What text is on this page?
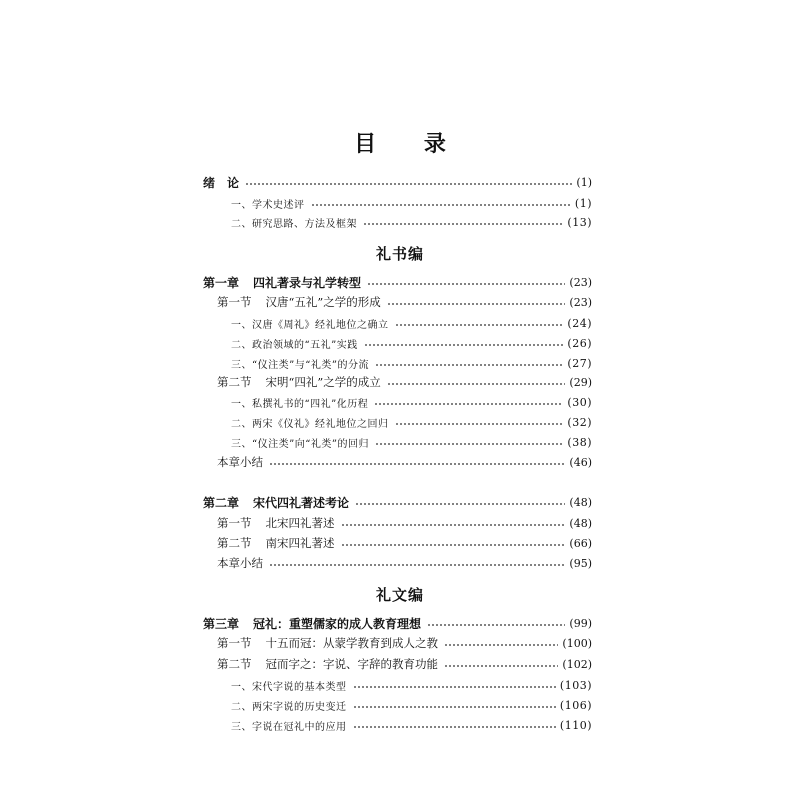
目 录
绪　论	(1)
一、学术史述评	(1)
二、研究思路、方法及框架	(13)
礼书编
第一章 四礼著录与礼学转型	(23)
第一节 汉唐“五礼”之学的形成	(23)
一、汉唐《周礼》经礼地位之确立	(24)
二、政治领域的“五礼”实践	(26)
三、“仪注类”与“礼类”的分流	(27)
第二节 宋明“四礼”之学的成立	(29)
一、私撰礼书的“四礼”化历程	(30)
二、两宋《仪礼》经礼地位之回归	(32)
三、“仪注类”向“礼类”的回归	(38)
本章小结	(46)
第二章 宋代四礼著述考论	(48)
第一节 北宋四礼著述	(48)
第二节 南宋四礼著述	(66)
本章小结	(95)
礼文编
第三章 冠礼：重塑儒家的成人教育理想	(99)
第一节 十五而冠：从蒙学教育到成人之教	(100)
第二节 冠而字之：字说、字辞的教育功能	(102)
一、宋代字说的基本类型	(103)
二、两宋字说的历史变迁	(106)
三、字说在冠礼中的应用	(110)
